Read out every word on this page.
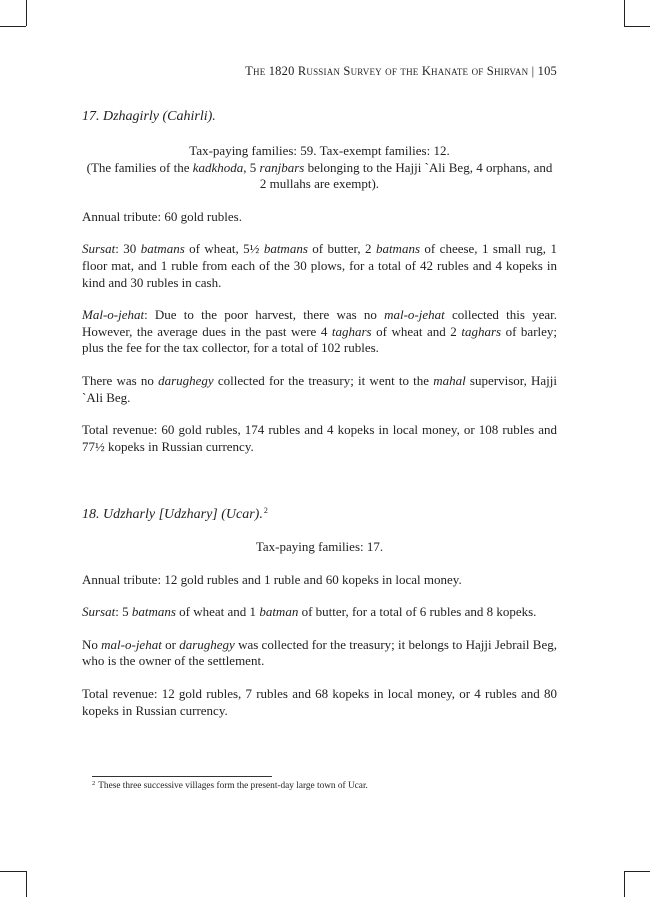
The 1820 Russian Survey of the Khanate of Shirvan | 105
17. Dzhagirly (Cahirli).

Tax-paying families: 59. Tax-exempt families: 12.

(The families of the kadkhoda, 5 ranjbars belonging to the Hajji `Ali Beg, 4 orphans, and 2 mullahs are exempt).

Annual tribute: 60 gold rubles.

Sursat: 30 batmans of wheat, 5½ batmans of butter, 2 batmans of cheese, 1 small rug, 1 floor mat, and 1 ruble from each of the 30 plows, for a total of 42 rubles and 4 kopeks in kind and 30 rubles in cash.

Mal-o-jehat: Due to the poor harvest, there was no mal-o-jehat collected this year. However, the average dues in the past were 4 taghars of wheat and 2 taghars of barley; plus the fee for the tax collector, for a total of 102 rubles.

There was no darughegy collected for the treasury; it went to the mahal supervisor, Hajji `Ali Beg.

Total revenue: 60 gold rubles, 174 rubles and 4 kopeks in local money, or 108 rubles and 77½ kopeks in Russian currency.

18. Udzharly [Udzhary] (Ucar).$^2$

Tax-paying families: 17.

Annual tribute: 12 gold rubles and 1 ruble and 60 kopeks in local money.

Sursat: 5 batmans of wheat and 1 batman of butter, for a total of 6 rubles and 8 kopeks.

No mal-o-jehat or darughegy was collected for the treasury; it belongs to Hajji Jebrail Beg, who is the owner of the settlement.

Total revenue: 12 gold rubles, 7 rubles and 68 kopeks in local money, or 4 rubles and 80 kopeks in Russian currency.

$^2$ These three successive villages form the present-day large town of Ucar.
